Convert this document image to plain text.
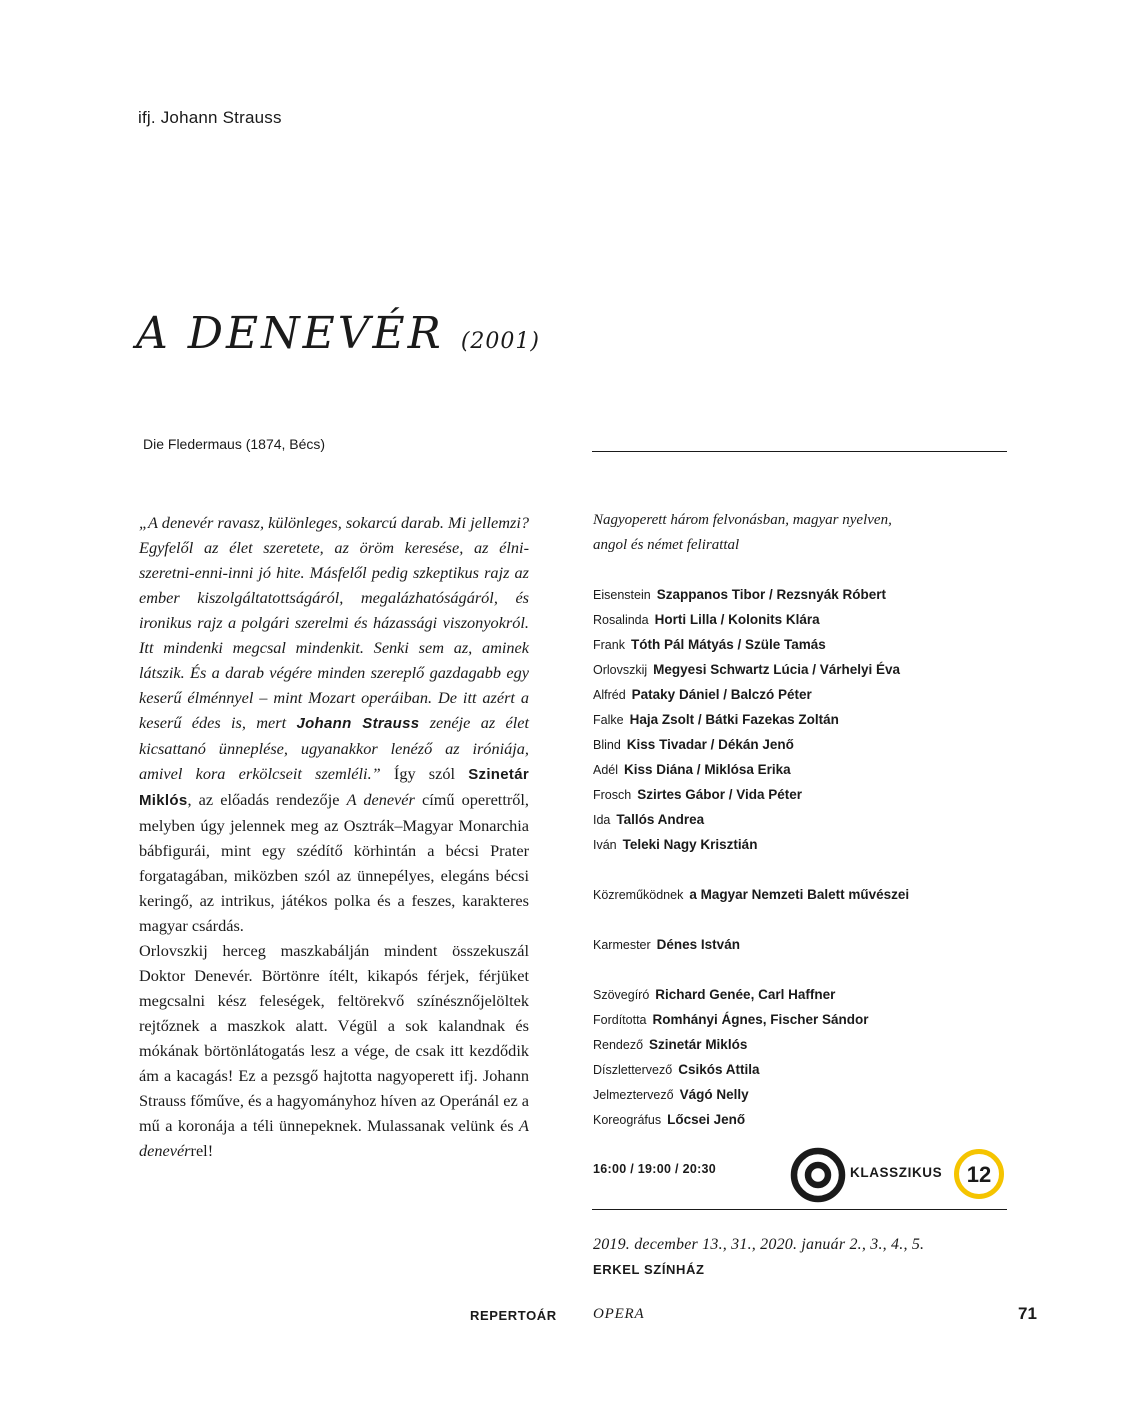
ifj. Johann Strauss
A DENEVÉR (2001)
Die Fledermaus (1874, Bécs)

„A denevér ravasz, különleges, sokarcú darab. Mi jellemzi? Egyfelől az élet szeretete, az öröm keresése, az élni-szeretni-enni-inni jó hite. Másfelől pedig szkeptikus rajz az ember kiszolgáltatottságáról, megalázhatóságáról, és ironikus rajz a polgári szerelmi és házassági viszonyokról. Itt mindenki megcsal mindenkit. Senki sem az, aminek látszik. És a darab végére minden szereplő gazdagabb egy keserű élménnyel – mint Mozart operáiban. De itt azért a keserű édes is, mert Johann Strauss zenéje az élet kicsattanó ünneplése, ugyanakkor lenéző az iróniája, amivel kora erkölcseit szemléli.” Így szól Szinetár Miklós, az előadás rendezője A denevér című operettről, melyben úgy jelennek meg az Osztrák–Magyar Monarchia bábfigurái, mint egy szédítő körhintán a bécsi Prater forgatagában, miközben szól az ünnepélyes, elegáns bécsi keringő, az intrikus, játékos polka és a feszes, karakteres magyar csárdás.

Orlovszkij herceg maszkabálján mindent összekuszál Doktor Denevér. Börtönre ítélt, kikapós férjek, férjüket megcsalni kész feleségek, feltörekvő színésznőjelöltek rejtőznek a maszkok alatt. Végül a sok kalandnak és mókának börtönlátogatás lesz a vége, de csak itt kezdődik ám a kacagás! Ez a pezsgő hajtotta nagyoperett ifj. Johann Strauss főműve, és a hagyományhoz híven az Operánál ez a mű a koronája a téli ünnepeknek. Mulassanak velünk és A denevérrel!

Nagyoperett három felvonásban, magyar nyelven,
angol és német felirattal
Eisenstein Szappanos Tibor / Rezsnyák Róbert
Rosalinda Horti Lilla / Kolonits Klára
Frank Tóth Pál Mátyás / Szüle Tamás
Orlovszkij Megyesi Schwartz Lúcia / Várhelyi Éva
Alfréd Pataky Dániel / Balczó Péter
Falke Haja Zsolt / Bátki Fazekas Zoltán
Blind Kiss Tivadar / Dékán Jenő
Adél Kiss Diána / Miklósa Erika
Frosch Szirtes Gábor / Vida Péter
Ida Tallós Andrea
Iván Teleki Nagy Krisztián
Közreműködnek a Magyar Nemzeti Balett művészei
Karmester Dénes István
Szövegíró Richard Genée, Carl Haffner
Fordította Romhányi Ágnes, Fischer Sándor
Rendező Szinetár Miklós
Díszlettervező Csikós Attila
Jelmeztervező Vágó Nelly
Koreográfus Lőcsei Jenő
16:00 / 19:00 / 20:30	KLASSZIKUS 12
2019. december 13., 31., 2020. január 2., 3., 4., 5.
ERKEL SZÍNHÁZ
REPERTOÁR OPERA	71
